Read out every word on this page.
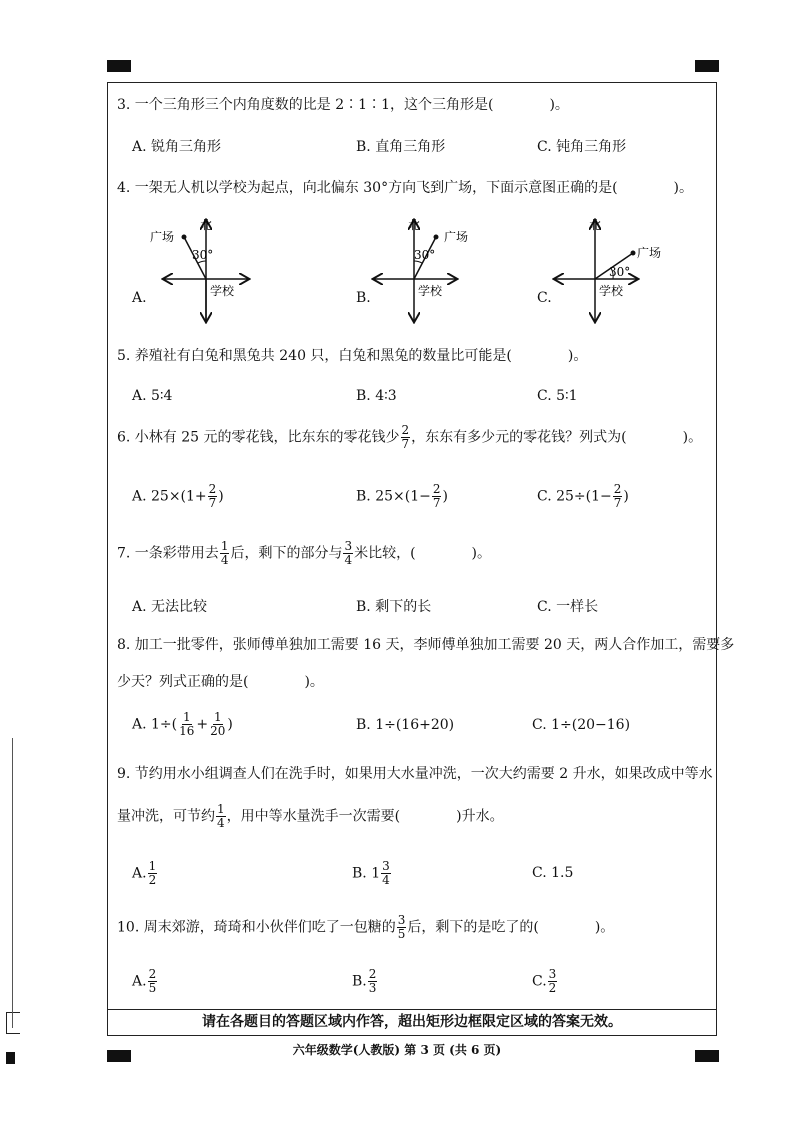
3. 一个三角形三个内角度数的比是 2∶1∶1，这个三角形是(　　　　)。
A. 锐角三角形	B. 直角三角形	C. 钝角三角形
4. 一架无人机以学校为起点，向北偏东 30°方向飞到广场，下面示意图正确的是(　　　　)。
A.	B.	C.
广场
北
30°
学校
北
广场
30°
学校
北
广场
30°
学校
5. 养殖社有白兔和黑兔共 240 只，白兔和黑兔的数量比可能是(　　　　)。
A. 5∶4	B. 4∶3	C. 5∶1
6. 小林有 25 元的零花钱，比东东的零花钱少 $\frac{2}{7}$ ，东东有多少元的零花钱？列式为(　　　　)。
A. $25\times(1+ \frac{2}{7}$ )	B. $25\times(1- \frac{2}{7}$ )	C. $25\div(1- \frac{2}{7}$ )
7. 一条彩带用去 $\frac{1}{4}$ 后，剩下的部分与 $\frac{3}{4}$ 米比较，(　　　　)。
A. 无法比较	B. 剩下的长	C. 一样长
8. 加工一批零件，张师傅单独加工需要 16 天，李师傅单独加工需要 20 天，两人合作加工，需要多
少天？列式正确的是(　　　　)。
A. $1\div( \frac{1}{16} + \frac{1}{20}$ )	B. 1÷(16+20)	C. 1÷(20−16)
9. 节约用水小组调查人们在洗手时，如果用大水量冲洗，一次大约需要 2 升水，如果改成中等水
量冲洗，可节约 $\frac{1}{4}$ ，用中等水量洗手一次需要(　　　　)升水。
A. $\frac{1}{2}$	B. $1 \frac{3}{4}$	C. 1.5
10. 周末郊游，琦琦和小伙伴们吃了一包糖的 $\frac{3}{5}$ 后，剩下的是吃了的(　　　　)。
A. $\frac{2}{5}$	B. $\frac{2}{3}$	C. $\frac{3}{2}$
请在各题目的答题区域内作答，超出矩形边框限定区域的答案无效。
六年级数学(人教版) 第 3 页 (共 6 页)
